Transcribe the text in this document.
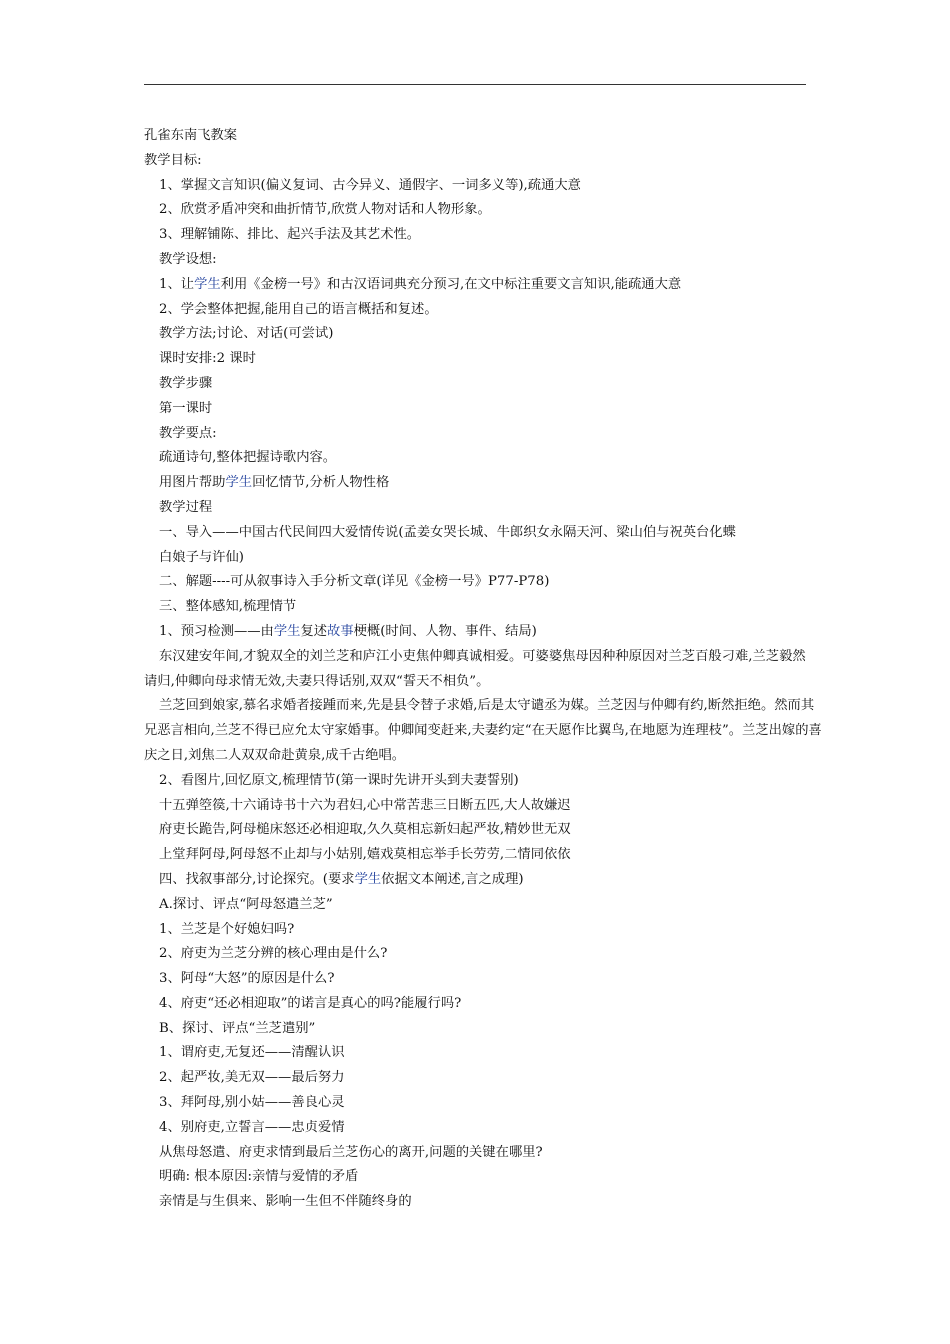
孔雀东南飞教案
教学目标:
1、掌握文言知识(偏义复词、古今异义、通假字、一词多义等),疏通大意
2、欣赏矛盾冲突和曲折情节,欣赏人物对话和人物形象。
3、理解铺陈、排比、起兴手法及其艺术性。
教学设想:
1、让学生利用《金榜一号》和古汉语词典充分预习,在文中标注重要文言知识,能疏通大意
2、学会整体把握,能用自己的语言概括和复述。
教学方法;讨论、对话(可尝试)
课时安排:2 课时
教学步骤
第一课时
教学要点:
疏通诗句,整体把握诗歌内容。
用图片帮助学生回忆情节,分析人物性格
教学过程
一、导入——中国古代民间四大爱情传说(孟姜女哭长城、牛郎织女永隔天河、梁山伯与祝英台化蝶
白娘子与许仙)
二、解题----可从叙事诗入手分析文章(详见《金榜一号》P77-P78)
三、整体感知,梳理情节
1、预习检测——由学生复述故事梗概(时间、人物、事件、结局)
东汉建安年间,才貌双全的刘兰芝和庐江小吏焦仲卿真诚相爱。可婆婆焦母因种种原因对兰芝百般刁难,兰芝毅然请归,仲卿向母求情无效,夫妻只得话别,双双“誓天不相负”。
兰芝回到娘家,慕名求婚者接踵而来,先是县令替子求婚,后是太守谴丞为媒。兰芝因与仲卿有约,断然拒绝。然而其兄恶言相向,兰芝不得已应允太守家婚事。仲卿闻变赶来,夫妻约定“在天愿作比翼鸟,在地愿为连理枝”。兰芝出嫁的喜庆之日,刘焦二人双双命赴黄泉,成千古绝唱。
2、看图片,回忆原文,梳理情节(第一课时先讲开头到夫妻誓别)
十五弹箜篌,十六诵诗书十六为君妇,心中常苦悲三日断五匹,大人故嫌迟
府吏长跪告,阿母槌床怒还必相迎取,久久莫相忘新妇起严妆,精妙世无双
上堂拜阿母,阿母怒不止却与小姑别,嬉戏莫相忘举手长劳劳,二情同依依
四、找叙事部分,讨论探究。(要求学生依据文本阐述,言之成理)
A.探讨、评点“阿母怒遣兰芝”
1、兰芝是个好媳妇吗?
2、府吏为兰芝分辨的核心理由是什么?
3、阿母“大怒”的原因是什么?
4、府吏“还必相迎取”的诺言是真心的吗?能履行吗?
B、探讨、评点“兰芝遣别”
1、谓府吏,无复还——清醒认识
2、起严妆,美无双——最后努力
3、拜阿母,别小姑——善良心灵
4、别府吏,立誓言——忠贞爱情
从焦母怒遣、府吏求情到最后兰芝伤心的离开,问题的关键在哪里?
明确: 根本原因:亲情与爱情的矛盾
亲情是与生俱来、影响一生但不伴随终身的
